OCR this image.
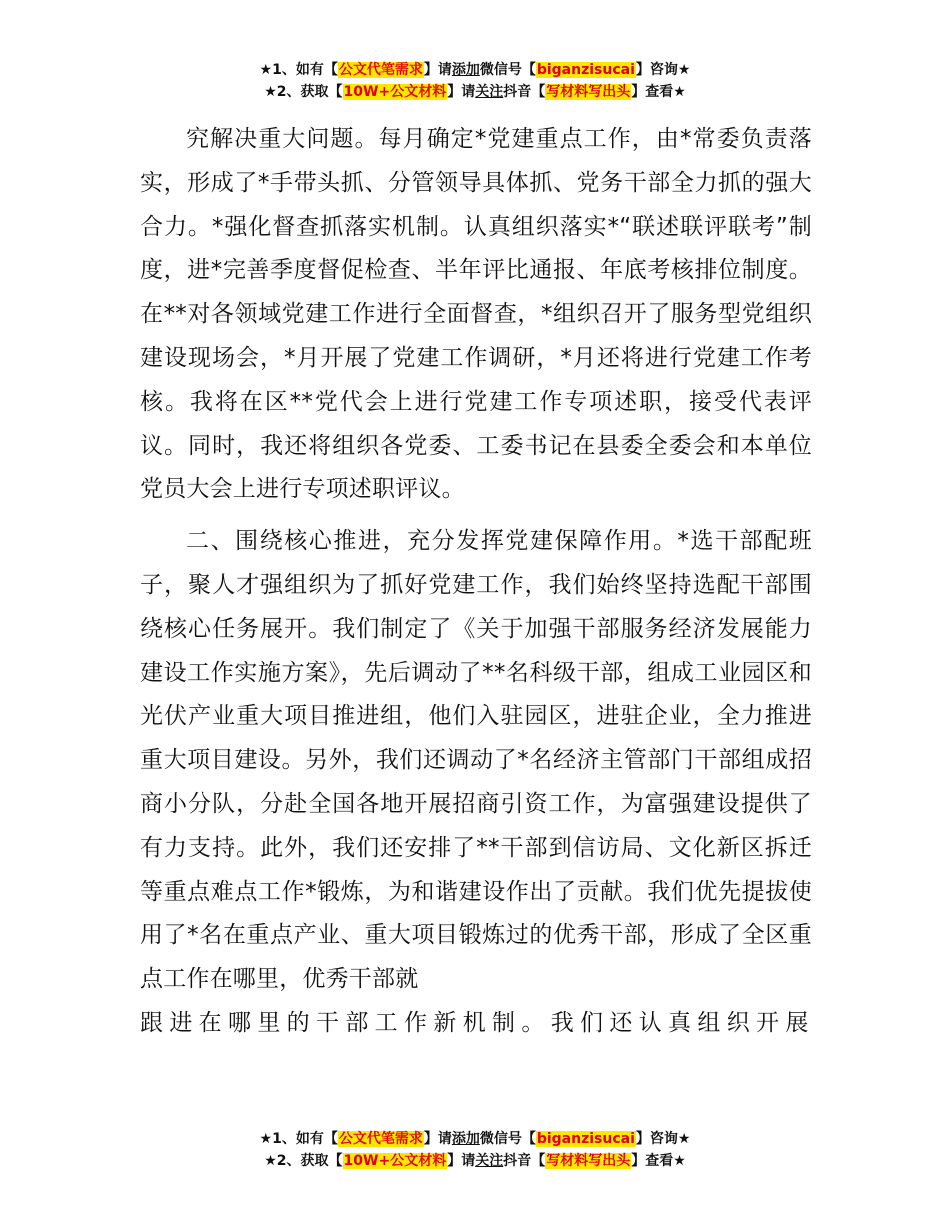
★1、如有【公文代笔需求】请添加微信号【biganzisucai】咨询★
★2、获取【10W+公文材料】请关注抖音【写材料写出头】查看★

究解决重大问题。每月确定*党建重点工作，由*常委负责落实，形成了*手带头抓、分管领导具体抓、党务干部全力抓的强大合力。*强化督查抓落实机制。认真组织落实*“联述联评联考”制度，进*完善季度督促检查、半年评比通报、年底考核排位制度。在**对各领域党建工作进行全面督查，*组织召开了服务型党组织建设现场会，*月开展了党建工作调研，*月还将进行党建工作考核。我将在区**党代会上进行党建工作专项述职，接受代表评议。同时，我还将组织各党委、工委书记在县委全委会和本单位党员大会上进行专项述职评议。

二、围绕核心推进，充分发挥党建保障作用。*选干部配班子，聚人才强组织为了抓好党建工作，我们始终坚持选配干部围绕核心任务展开。我们制定了《关于加强干部服务经济发展能力建设工作实施方案》，先后调动了**名科级干部，组成工业园区和光伏产业重大项目推进组，他们入驻园区，进驻企业，全力推进重大项目建设。另外，我们还调动了*名经济主管部门干部组成招商小分队，分赴全国各地开展招商引资工作，为富强建设提供了有力支持。此外，我们还安排了**干部到信访局、文化新区拆迁等重点难点工作*锻炼，为和谐建设作出了贡献。我们优先提拔使用了*名在重点产业、重大项目锻炼过的优秀干部，形成了全区重点工作在哪里，优秀干部就

跟进在哪里的干部工作新机制。我们还认真组织开展

★1、如有【公文代笔需求】请添加微信号【biganzisucai】咨询★
★2、获取【10W+公文材料】请关注抖音【写材料写出头】查看★
